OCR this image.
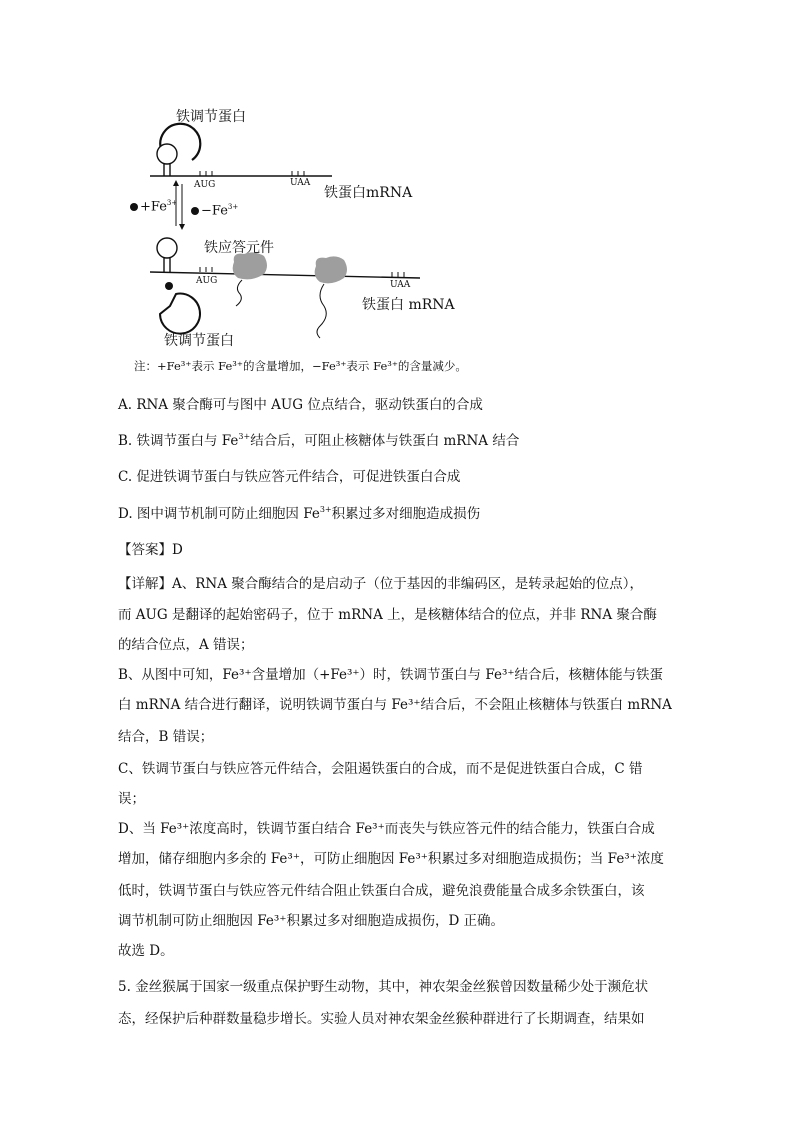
铁调节蛋白
AUG	UAA
铁蛋白mRNA
$+Fe^{3+}$
$-Fe^{3+}$
铁应答元件
AUG	UAA
铁蛋白 mRNA
铁调节蛋白
注：+Fe³⁺表示 Fe³⁺的含量增加，−Fe³⁺表示 Fe³⁺的含量减少。
A. RNA 聚合酶可与图中 AUG 位点结合，驱动铁蛋白的合成
B. 铁调节蛋白与 $Fe^{3+}$结合后，可阻止核糖体与铁蛋白 mRNA 结合
C. 促进铁调节蛋白与铁应答元件结合，可促进铁蛋白合成
D. 图中调节机制可防止细胞因 $Fe^{3+}$积累过多对细胞造成损伤
【答案】D
【详解】A、RNA 聚合酶结合的是启动子（位于基因的非编码区，是转录起始的位点），
而 AUG 是翻译的起始密码子，位于 mRNA 上，是核糖体结合的位点，并非 RNA 聚合酶
的结合位点，A 错误；
B、从图中可知，Fe³⁺含量增加（+Fe³⁺）时，铁调节蛋白与 Fe³⁺结合后，核糖体能与铁蛋
白 mRNA 结合进行翻译，说明铁调节蛋白与 Fe³⁺结合后，不会阻止核糖体与铁蛋白 mRNA
结合，B 错误；
C、铁调节蛋白与铁应答元件结合，会阻遏铁蛋白的合成，而不是促进铁蛋白合成，C 错
误；
D、当 Fe³⁺浓度高时，铁调节蛋白结合 Fe³⁺而丧失与铁应答元件的结合能力，铁蛋白合成
增加，储存细胞内多余的 Fe³⁺，可防止细胞因 Fe³⁺积累过多对细胞造成损伤；当 Fe³⁺浓度
低时，铁调节蛋白与铁应答元件结合阻止铁蛋白合成，避免浪费能量合成多余铁蛋白，该
调节机制可防止细胞因 Fe³⁺积累过多对细胞造成损伤，D 正确。
故选 D。
5. 金丝猴属于国家一级重点保护野生动物，其中，神农架金丝猴曾因数量稀少处于濒危状
态，经保护后种群数量稳步增长。实验人员对神农架金丝猴种群进行了长期调查，结果如
